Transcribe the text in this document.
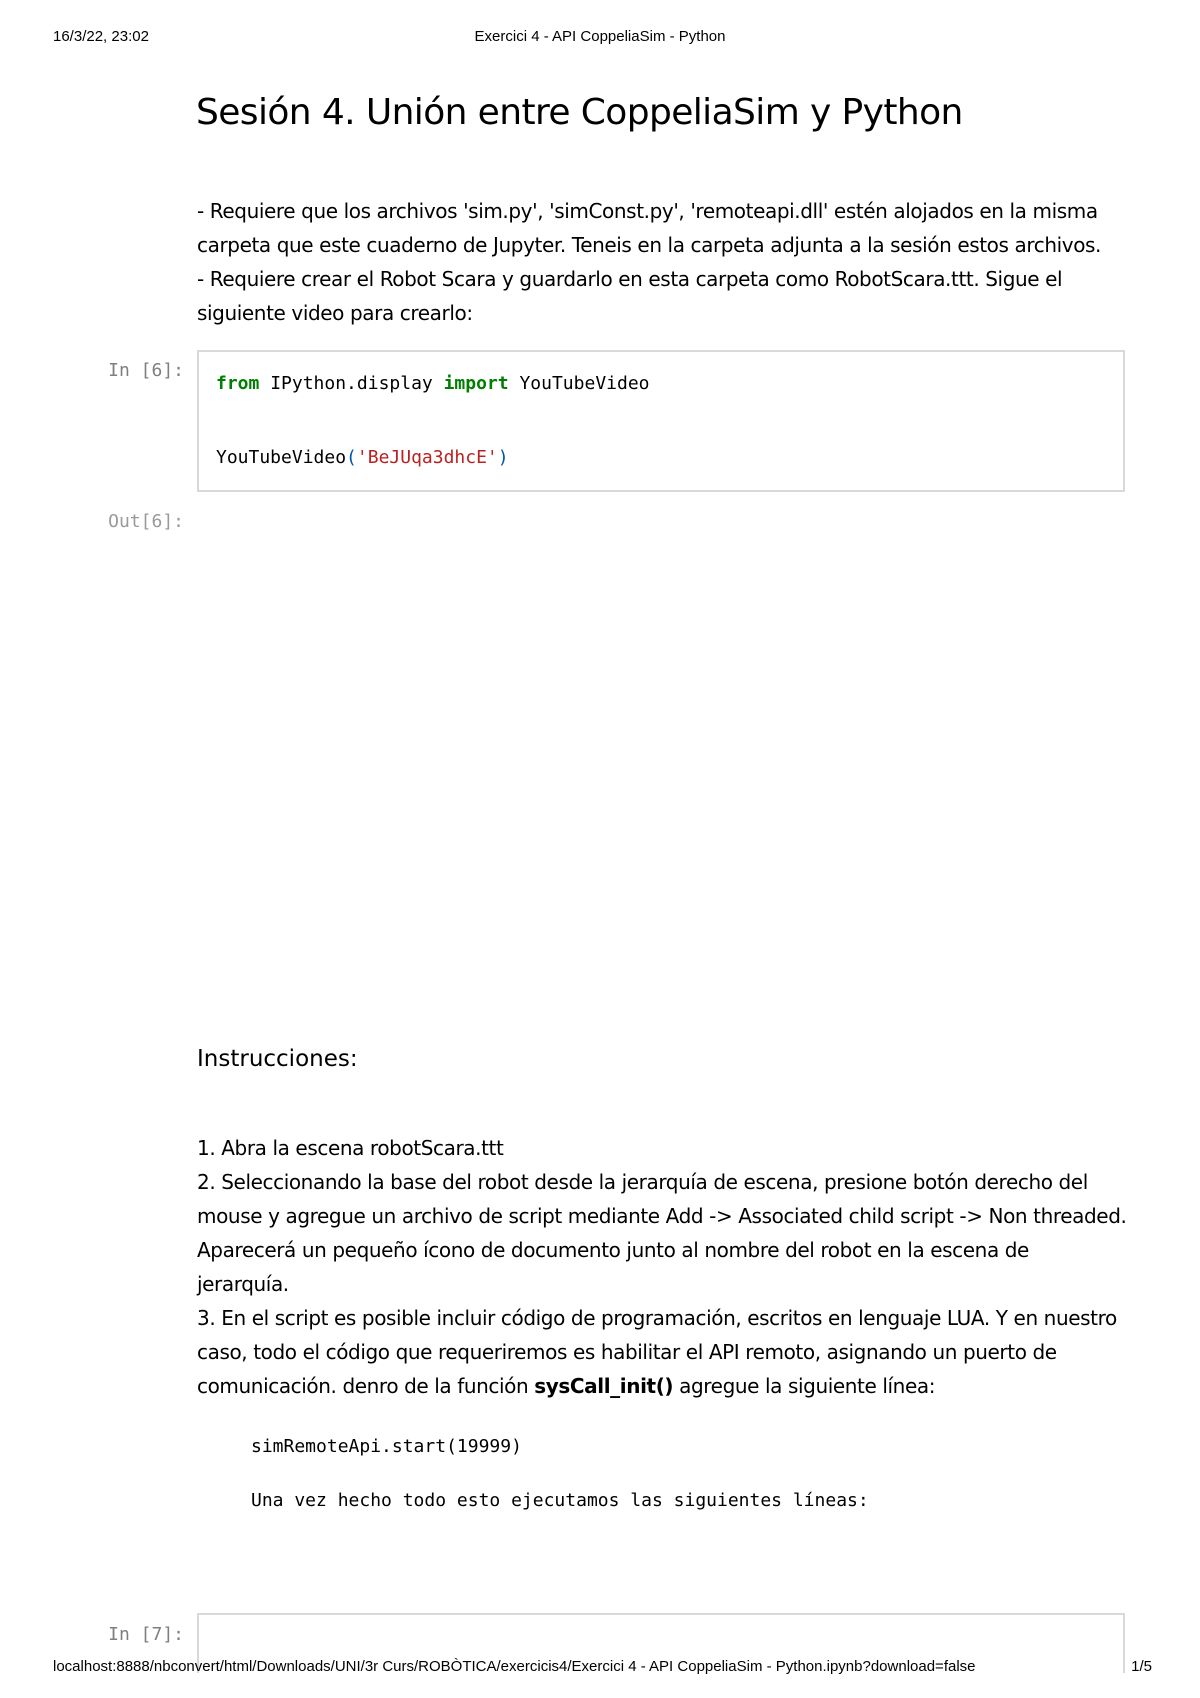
16/3/22, 23:02	Exercici 4 - API CoppeliaSim - Python
Sesión 4. Unión entre CoppeliaSim y Python
- Requiere que los archivos 'sim.py', 'simConst.py', 'remoteapi.dll' estén alojados en la misma
carpeta que este cuaderno de Jupyter. Teneis en la carpeta adjunta a la sesión estos archivos.
- Requiere crear el Robot Scara y guardarlo en esta carpeta como RobotScara.ttt. Sigue el
siguiente video para crearlo:
In [6]:
from IPython.display import YouTubeVideo
YouTubeVideo('BeJUqa3dhcE')
Out[6]:
Instrucciones:
1. Abra la escena robotScara.ttt
2. Seleccionando la base del robot desde la jerarquía de escena, presione botón derecho del
mouse y agregue un archivo de script mediante Add -> Associated child script -> Non threaded.
Aparecerá un pequeño ícono de documento junto al nombre del robot en la escena de
jerarquía.
3. En el script es posible incluir código de programación, escritos en lenguaje LUA. Y en nuestro
caso, todo el código que requeriremos es habilitar el API remoto, asignando un puerto de
comunicación. denro de la función sysCall_init() agregue la siguiente línea:
simRemoteApi.start(19999)
Una vez hecho todo esto ejecutamos las siguientes líneas:
In [7]:
localhost:8888/nbconvert/html/Downloads/UNI/3r Curs/ROBÒTICA/exercicis4/Exercici 4 - API CoppeliaSim - Python.ipynb?download=false	1/5
